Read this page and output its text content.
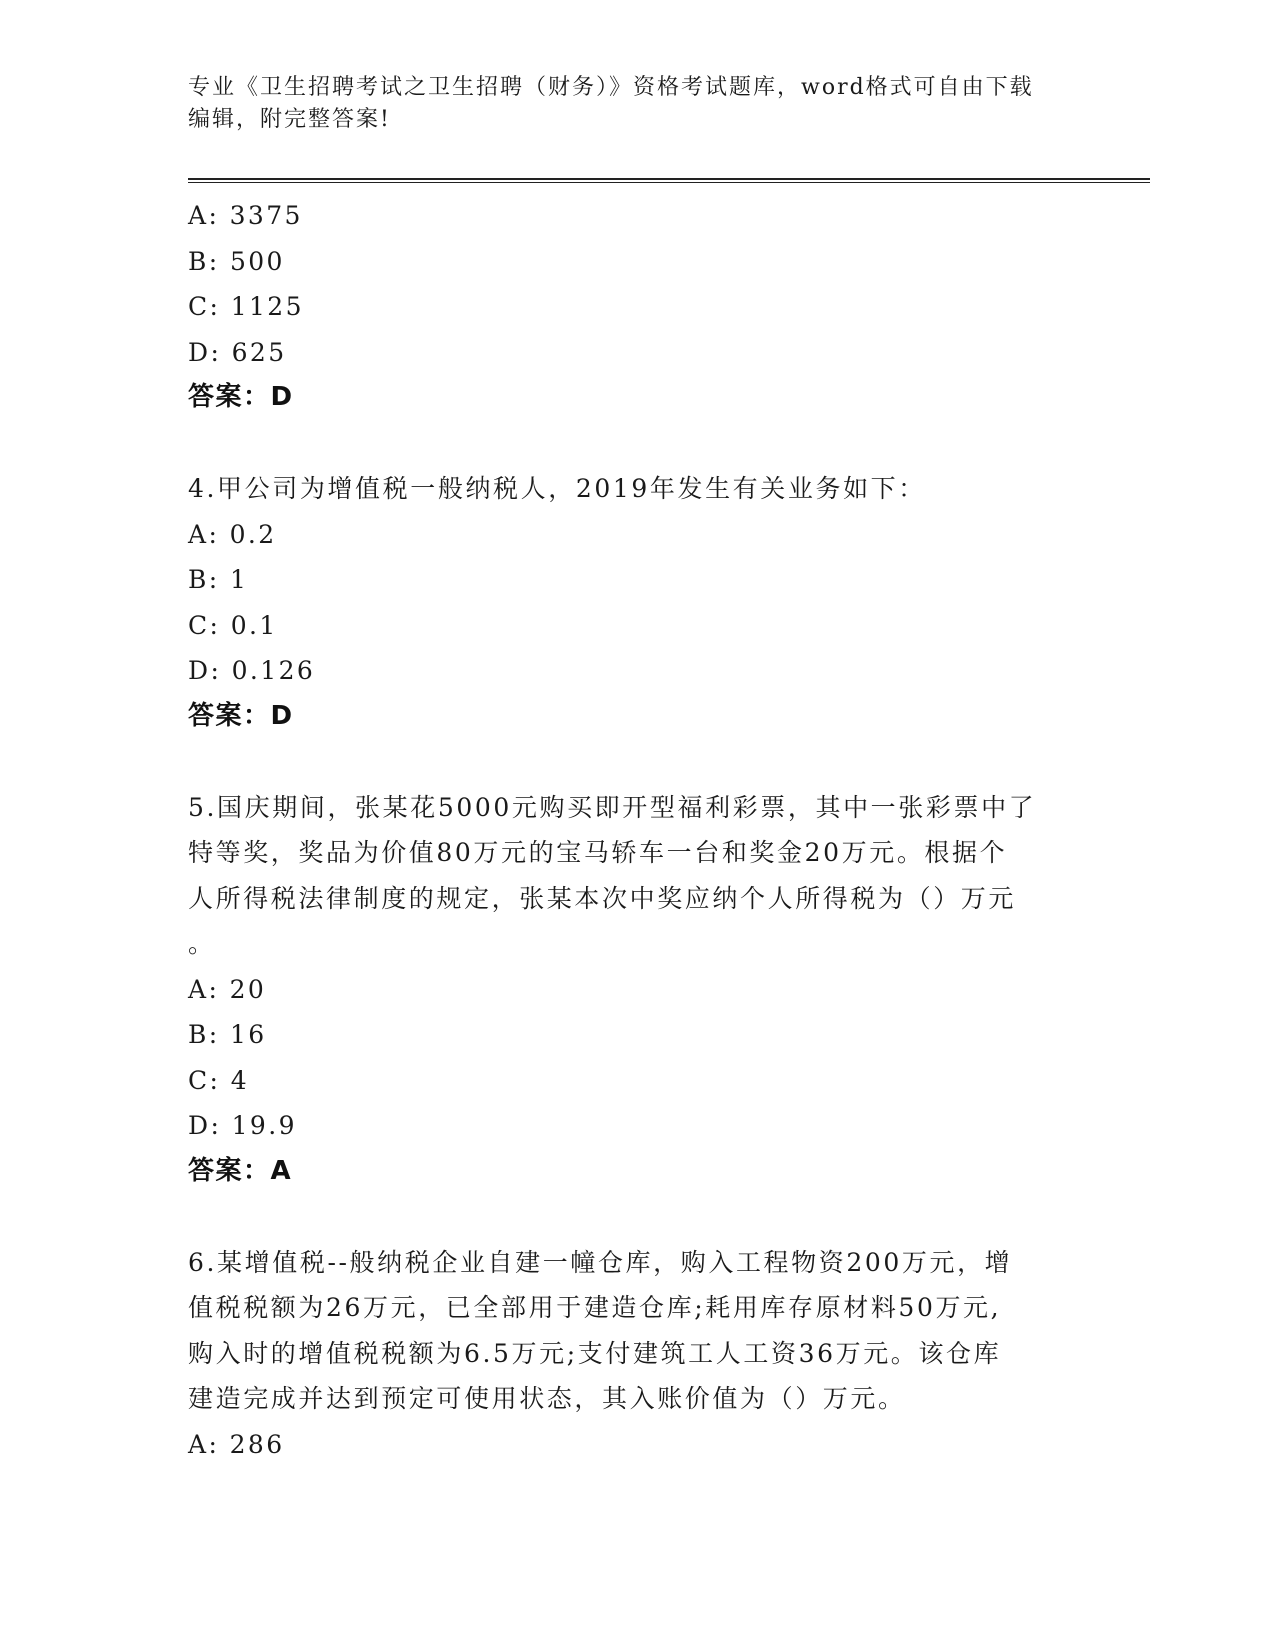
专业《卫生招聘考试之卫生招聘（财务）》资格考试题库，word格式可自由下载
编辑，附完整答案!
A: 3375
B: 500
C: 1125
D: 625
答案：D
4.甲公司为增值税一般纳税人，2019年发生有关业务如下：
A: 0.2
B: 1
C: 0.1
D: 0.126
答案：D
5.国庆期间，张某花5000元购买即开型福利彩票，其中一张彩票中了
特等奖，奖品为价值80万元的宝马轿车一台和奖金20万元。根据个
人所得税法律制度的规定，张某本次中奖应纳个人所得税为（）万元
。
A: 20
B: 16
C: 4
D: 19.9
答案：A
6.某增值税--般纳税企业自建一幢仓库，购入工程物资200万元，增
值税税额为26万元，已全部用于建造仓库;耗用库存原材料50万元,
购入时的增值税税额为6.5万元;支付建筑工人工资36万元。该仓库
建造完成并达到预定可使用状态，其入账价值为（）万元。
A: 286
